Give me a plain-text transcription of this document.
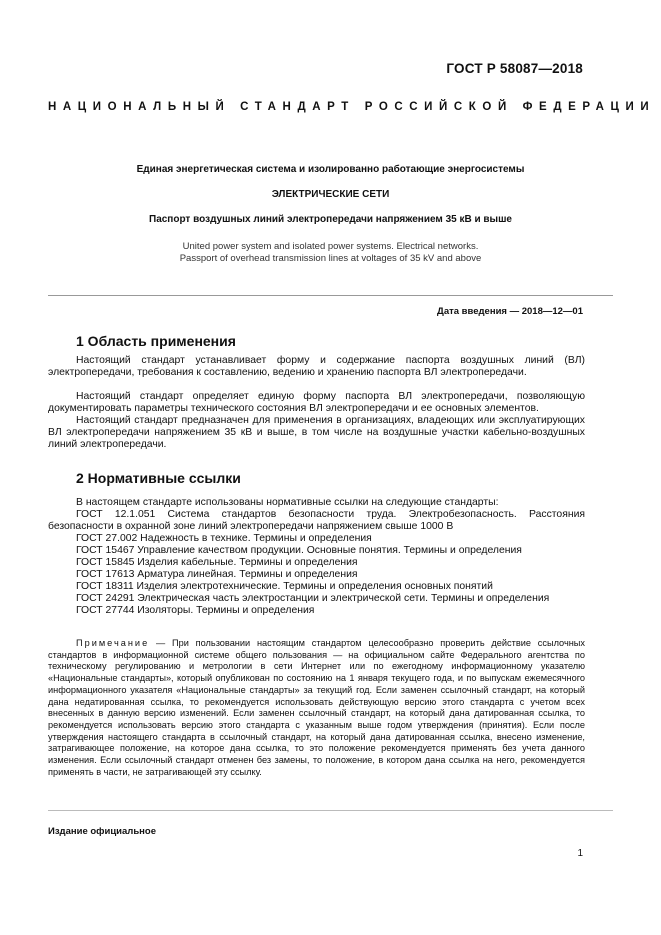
ГОСТ Р 58087—2018
НАЦИОНАЛЬНЫЙ СТАНДАРТ РОССИЙСКОЙ ФЕДЕРАЦИИ
Единая энергетическая система и изолированно работающие энергосистемы
ЭЛЕКТРИЧЕСКИЕ СЕТИ
Паспорт воздушных линий электропередачи напряжением 35 кВ и выше
United power system and isolated power systems. Electrical networks.
Passport of overhead transmission lines at voltages of 35 kV and above
Дата введения — 2018—12—01
1 Область применения
Настоящий стандарт устанавливает форму и содержание паспорта воздушных линий (ВЛ) электропередачи, требования к составлению, ведению и хранению паспорта ВЛ электропередачи.
Настоящий стандарт определяет единую форму паспорта ВЛ электропередачи, позволяющую документировать параметры технического состояния ВЛ электропередачи и ее основных элементов.
Настоящий стандарт предназначен для применения в организациях, владеющих или эксплуатирующих ВЛ электропередачи напряжением 35 кВ и выше, в том числе на воздушные участки кабельно-воздушных линий электропередачи.
2 Нормативные ссылки
В настоящем стандарте использованы нормативные ссылки на следующие стандарты:
ГОСТ 12.1.051 Система стандартов безопасности труда. Электробезопасность. Расстояния безопасности в охранной зоне линий электропередачи напряжением свыше 1000 В
ГОСТ 27.002 Надежность в технике. Термины и определения
ГОСТ 15467 Управление качеством продукции. Основные понятия. Термины и определения
ГОСТ 15845 Изделия кабельные. Термины и определения
ГОСТ 17613 Арматура линейная. Термины и определения
ГОСТ 18311 Изделия электротехнические. Термины и определения основных понятий
ГОСТ 24291 Электрическая часть электростанции и электрической сети. Термины и определения
ГОСТ 27744 Изоляторы. Термины и определения
Примечание — При пользовании настоящим стандартом целесообразно проверить действие ссылочных стандартов в информационной системе общего пользования — на официальном сайте Федерального агентства по техническому регулированию и метрологии в сети Интернет или по ежегодному информационному указателю «Национальные стандарты», который опубликован по состоянию на 1 января текущего года, и по выпускам ежемесячного информационного указателя «Национальные стандарты» за текущий год. Если заменен ссылочный стандарт, на который дана недатированная ссылка, то рекомендуется использовать действующую версию этого стандарта с учетом всех внесенных в данную версию изменений. Если заменен ссылочный стандарт, на который дана датированная ссылка, то рекомендуется использовать версию этого стандарта с указанным выше годом утверждения (принятия). Если после утверждения настоящего стандарта в ссылочный стандарт, на который дана датированная ссылка, внесено изменение, затрагивающее положение, на которое дана ссылка, то это положение рекомендуется применять без учета данного изменения. Если ссылочный стандарт отменен без замены, то положение, в котором дана ссылка на него, рекомендуется применять в части, не затрагивающей эту ссылку.
Издание официальное
1
